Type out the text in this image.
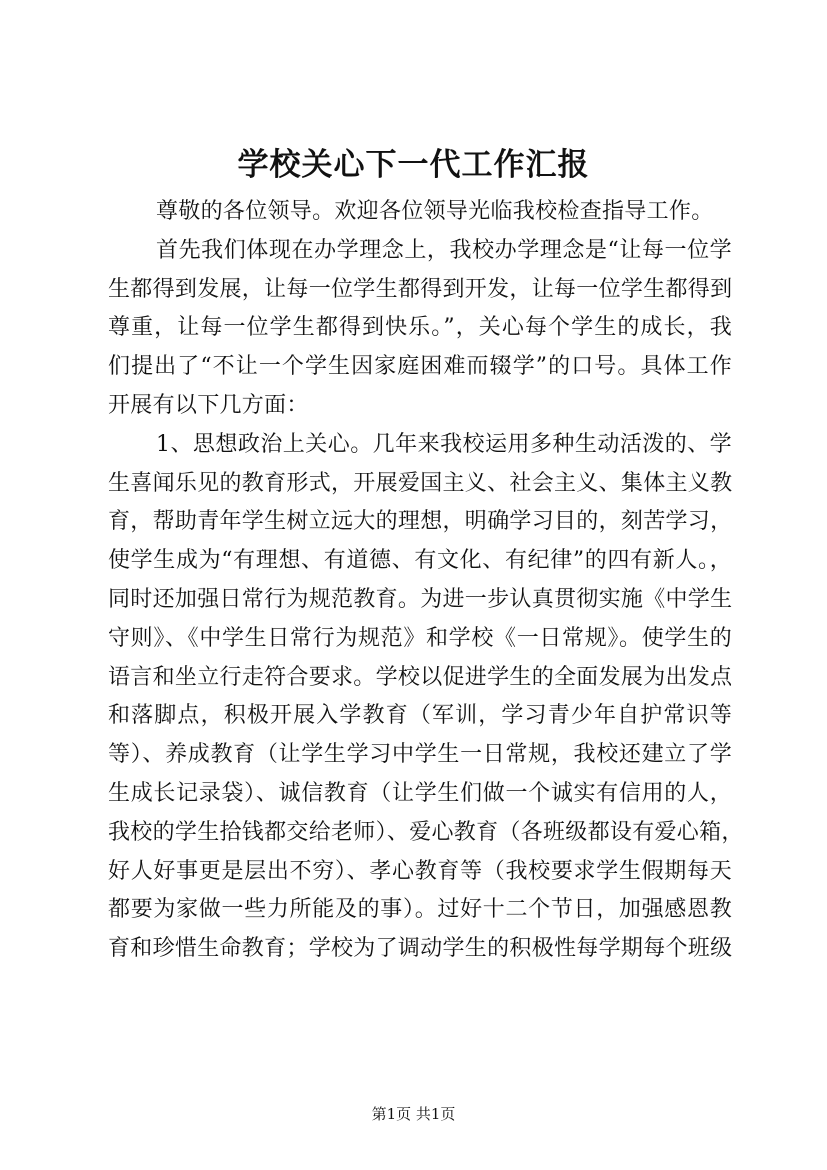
学校关心下一代工作汇报
尊敬的各位领导。欢迎各位领导光临我校检查指导工作。
首先我们体现在办学理念上，我校办学理念是“让每一位学
生都得到发展，让每一位学生都得到开发，让每一位学生都得到
尊重，让每一位学生都得到快乐。”，关心每个学生的成长，我
们提出了“不让一个学生因家庭困难而辍学”的口号。具体工作
开展有以下几方面：
1、思想政治上关心。几年来我校运用多种生动活泼的、学
生喜闻乐见的教育形式，开展爱国主义、社会主义、集体主义教
育，帮助青年学生树立远大的理想，明确学习目的，刻苦学习，
使学生成为“有理想、有道德、有文化、有纪律”的四有新人。，
同时还加强日常行为规范教育。为进一步认真贯彻实施《中学生
守则》、《中学生日常行为规范》和学校《一日常规》。使学生的
语言和坐立行走符合要求。学校以促进学生的全面发展为出发点
和落脚点，积极开展入学教育（军训，学习青少年自护常识等
等）、养成教育（让学生学习中学生一日常规，我校还建立了学
生成长记录袋）、诚信教育（让学生们做一个诚实有信用的人，
我校的学生拾钱都交给老师）、爱心教育（各班级都设有爱心箱，
好人好事更是层出不穷）、孝心教育等（我校要求学生假期每天
都要为家做一些力所能及的事）。过好十二个节日，加强感恩教
育和珍惜生命教育；学校为了调动学生的积极性每学期每个班级
第1页 共1页
